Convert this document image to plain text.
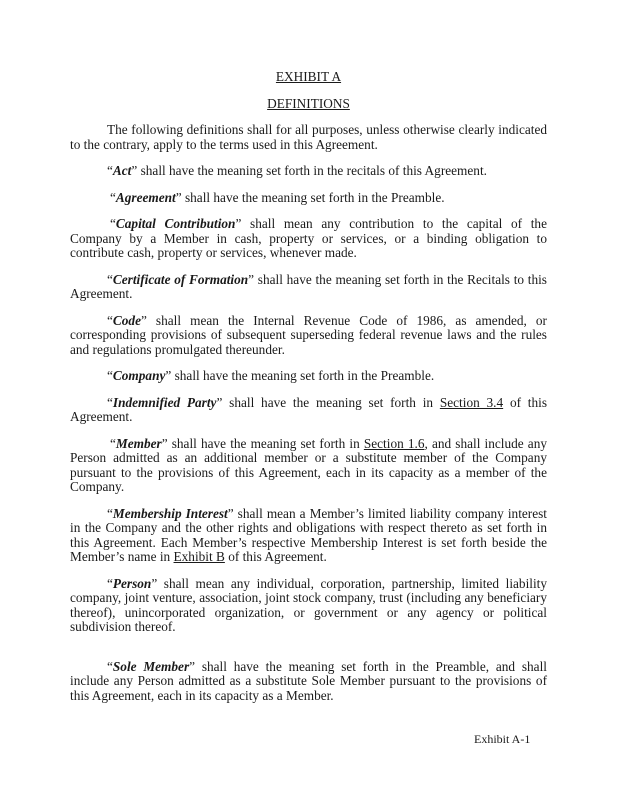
EXHIBIT A
DEFINITIONS

The following definitions shall for all purposes, unless otherwise clearly indicated to the contrary, apply to the terms used in this Agreement.

“Act” shall have the meaning set forth in the recitals of this Agreement.

“Agreement” shall have the meaning set forth in the Preamble.

“Capital Contribution” shall mean any contribution to the capital of the Company by a Member in cash, property or services, or a binding obligation to contribute cash, property or services, whenever made.

“Certificate of Formation” shall have the meaning set forth in the Recitals to this Agreement.

“Code” shall mean the Internal Revenue Code of 1986, as amended, or corresponding provisions of subsequent superseding federal revenue laws and the rules and regulations promulgated thereunder.

“Company” shall have the meaning set forth in the Preamble.

“Indemnified Party” shall have the meaning set forth in Section 3.4 of this Agreement.

“Member” shall have the meaning set forth in Section 1.6, and shall include any Person admitted as an additional member or a substitute member of the Company pursuant to the provisions of this Agreement, each in its capacity as a member of the Company.

“Membership Interest” shall mean a Member’s limited liability company interest in the Company and the other rights and obligations with respect thereto as set forth in this Agreement. Each Member’s respective Membership Interest is set forth beside the Member’s name in Exhibit B of this Agreement.

“Person” shall mean any individual, corporation, partnership, limited liability company, joint venture, association, joint stock company, trust (including any beneficiary thereof), unincorporated organization, or government or any agency or political subdivision thereof.

“Sole Member” shall have the meaning set forth in the Preamble, and shall include any Person admitted as a substitute Sole Member pursuant to the provisions of this Agreement, each in its capacity as a Member.

Exhibit A-1
